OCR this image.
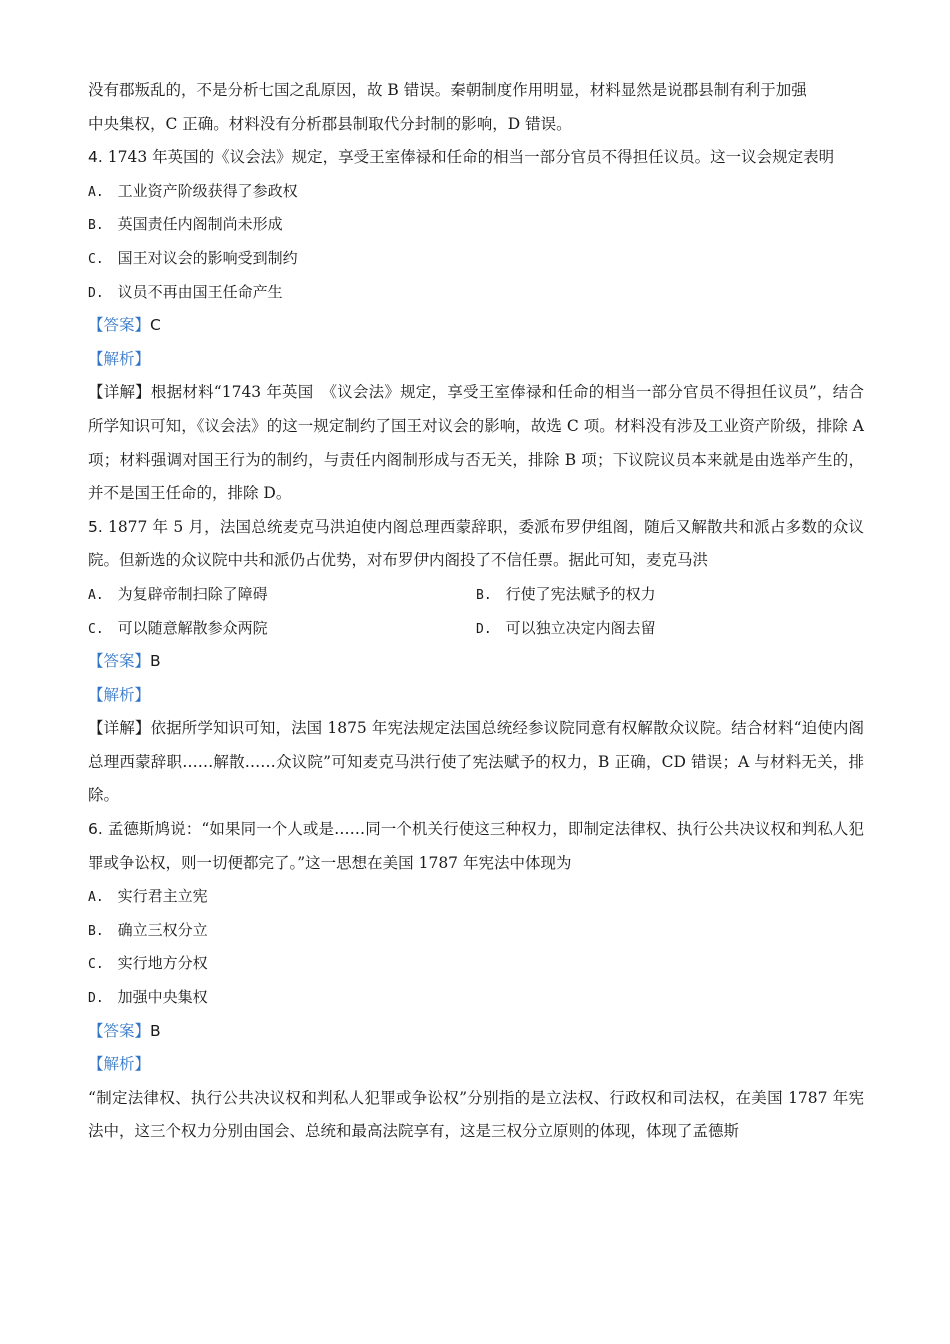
没有郡叛乱的，不是分析七国之乱原因，故 B 错误。秦朝制度作用明显，材料显然是说郡县制有利于加强
中央集权，C 正确。材料没有分析郡县制取代分封制的影响，D 错误。
4. 1743 年英国的《议会法》规定，享受王室俸禄和任命的相当一部分官员不得担任议员。这一议会规定表明
A. 工业资产阶级获得了参政权
B. 英国责任内阁制尚未形成
C. 国王对议会的影响受到制约
D. 议员不再由国王任命产生
【答案】C
【解析】
【详解】根据材料“1743 年英国　《议会法》规定，享受王室俸禄和任命的相当一部分官员不得担任议员”，结合所学知识可知，《议会法》的这一规定制约了国王对议会的影响，故选 C 项。材料没有涉及工业资产阶级，排除 A 项；材料强调对国王行为的制约，与责任内阁制形成与否无关，排除 B 项；下议院议员本来就是由选举产生的，并不是国王任命的，排除 D。
5. 1877 年 5 月，法国总统麦克马洪迫使内阁总理西蒙辞职，委派布罗伊组阁，随后又解散共和派占多数的众议院。但新选的众议院中共和派仍占优势，对布罗伊内阁投了不信任票。据此可知，麦克马洪
A. 为复辟帝制扫除了障碍	B. 行使了宪法赋予的权力
C. 可以随意解散参众两院	D. 可以独立决定内阁去留
【答案】B
【解析】
【详解】依据所学知识可知，法国 1875 年宪法规定法国总统经参议院同意有权解散众议院。结合材料“迫使内阁总理西蒙辞职……解散……众议院”可知麦克马洪行使了宪法赋予的权力，B 正确，CD 错误；A 与材料无关，排除。
6. 孟德斯鸠说：“如果同一个人或是……同一个机关行使这三种权力，即制定法律权、执行公共决议权和判私人犯罪或争讼权，则一切便都完了。”这一思想在美国 1787 年宪法中体现为
A. 实行君主立宪
B. 确立三权分立
C. 实行地方分权
D. 加强中央集权
【答案】B
【解析】
“制定法律权、执行公共决议权和判私人犯罪或争讼权”分别指的是立法权、行政权和司法权，在美国 1787 年宪法中，这三个权力分别由国会、总统和最高法院享有，这是三权分立原则的体现，体现了孟德斯
